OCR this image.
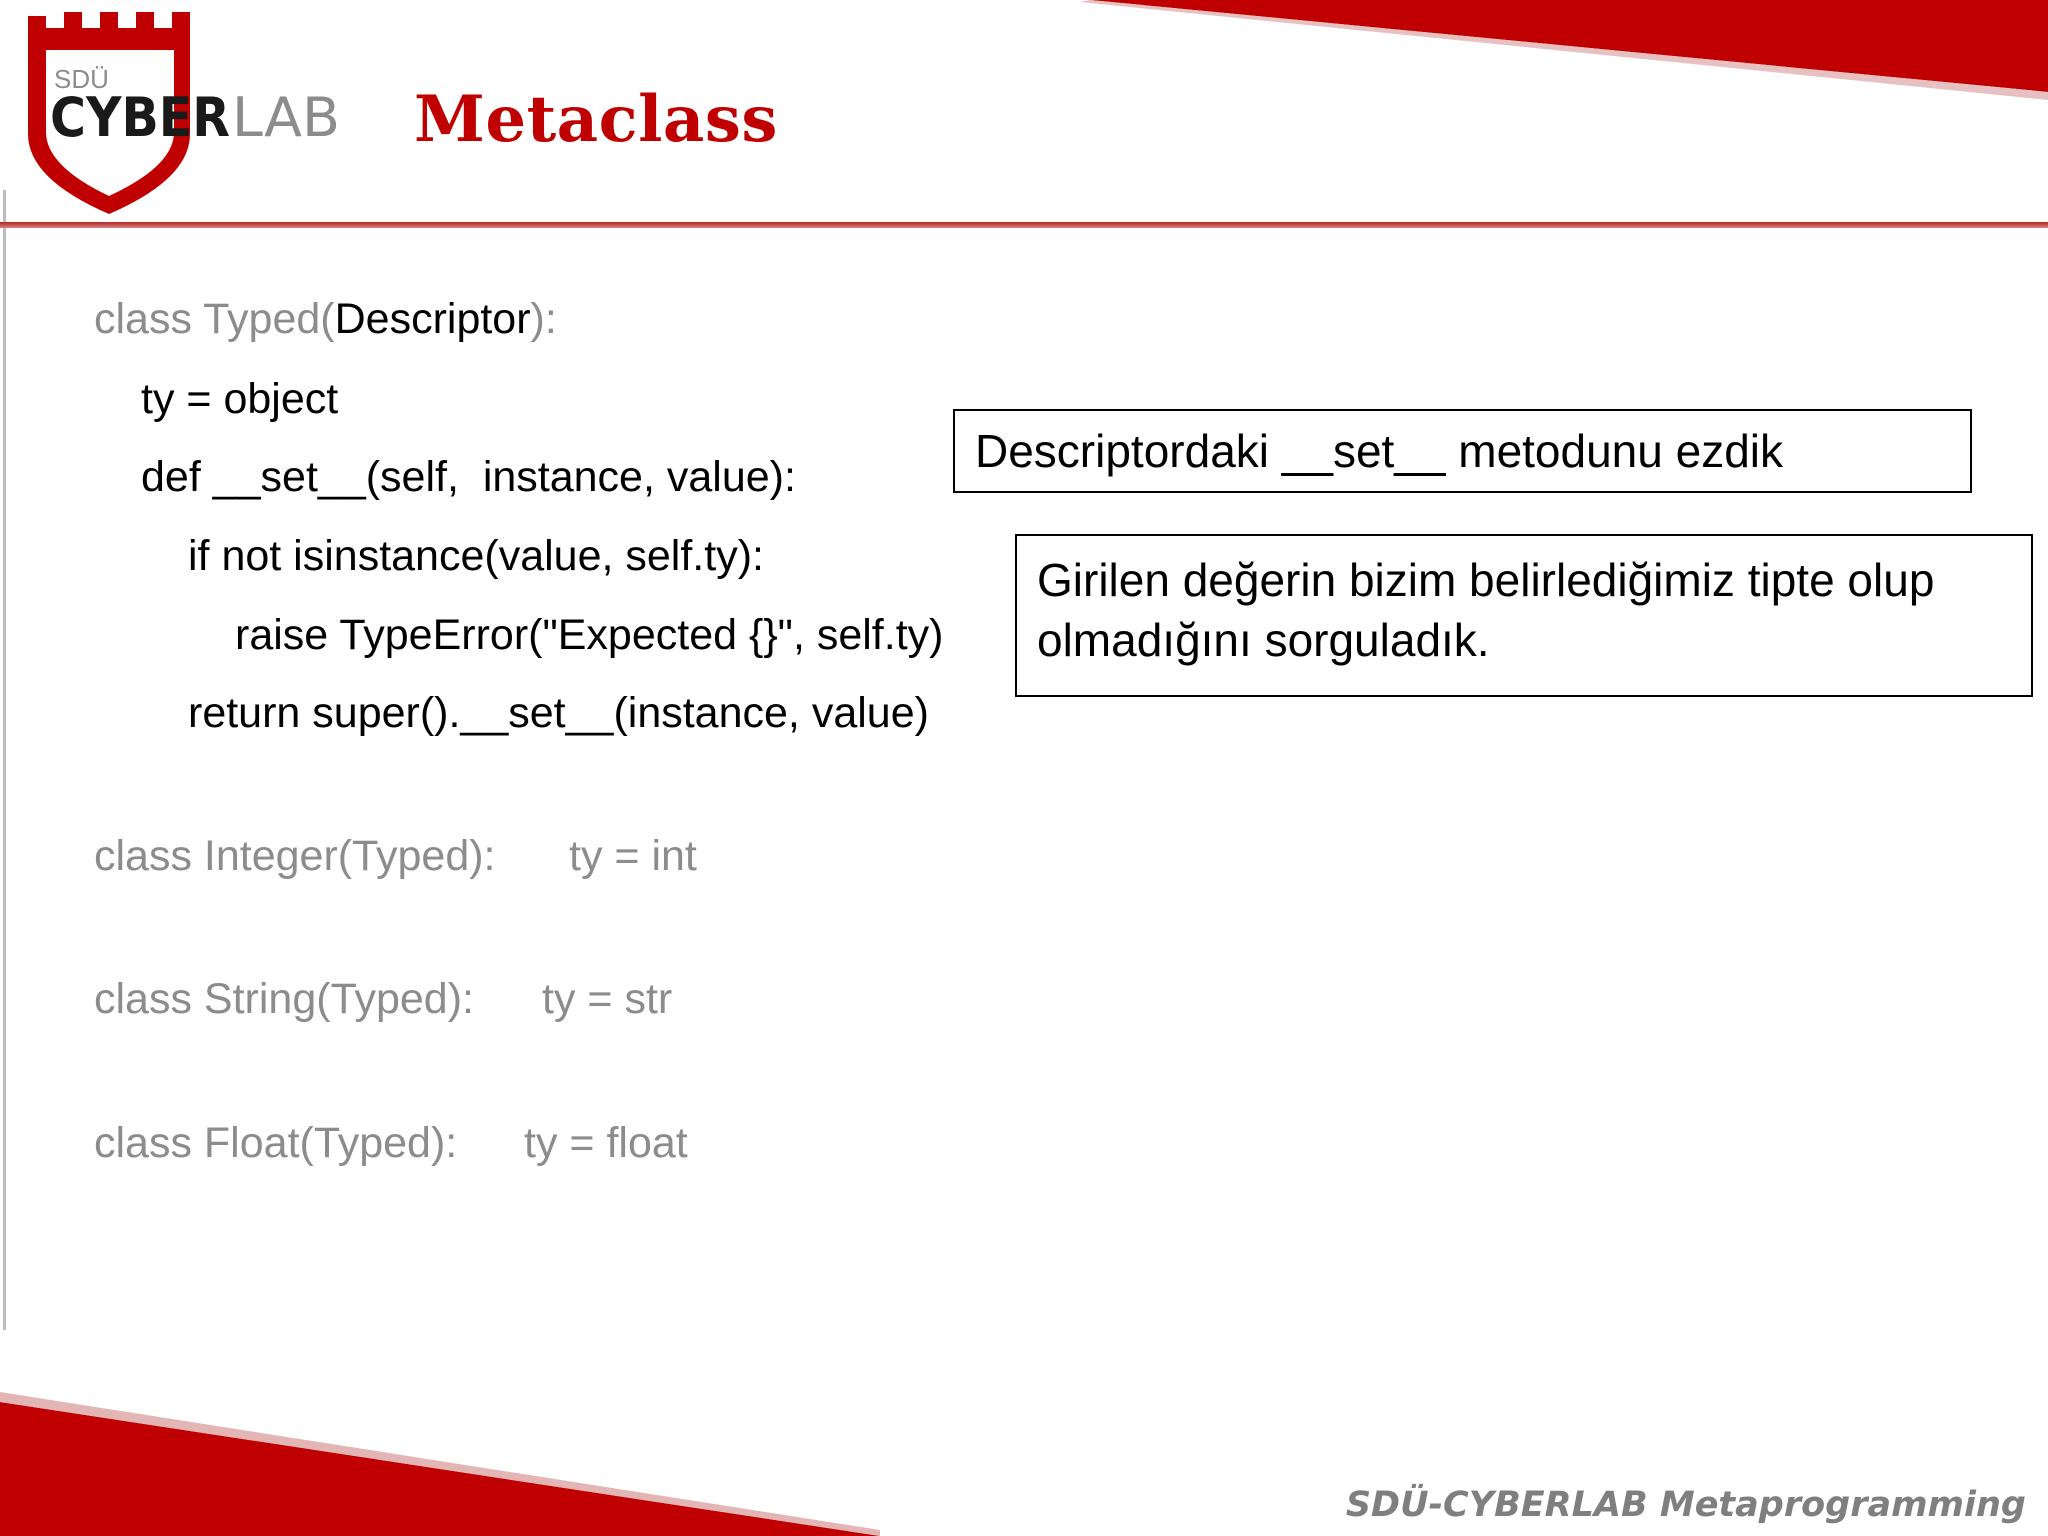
SDÜ
CYBER LAB Metaclass
class Typed(Descriptor):
ty = object
def __set__(self,  instance, value):
if not isinstance(value, self.ty):
raise TypeError("Expected {}", self.ty)
return super().__set__(instance, value)
class Integer(Typed): ty = int
class String(Typed): ty = str
class Float(Typed): ty = float
Descriptordaki __set__ metodunu ezdik
Girilen değerin bizim belirlediğimiz tipte olup olmadığını sorguladık.
SDÜ-CYBERLAB Metaprogramming
